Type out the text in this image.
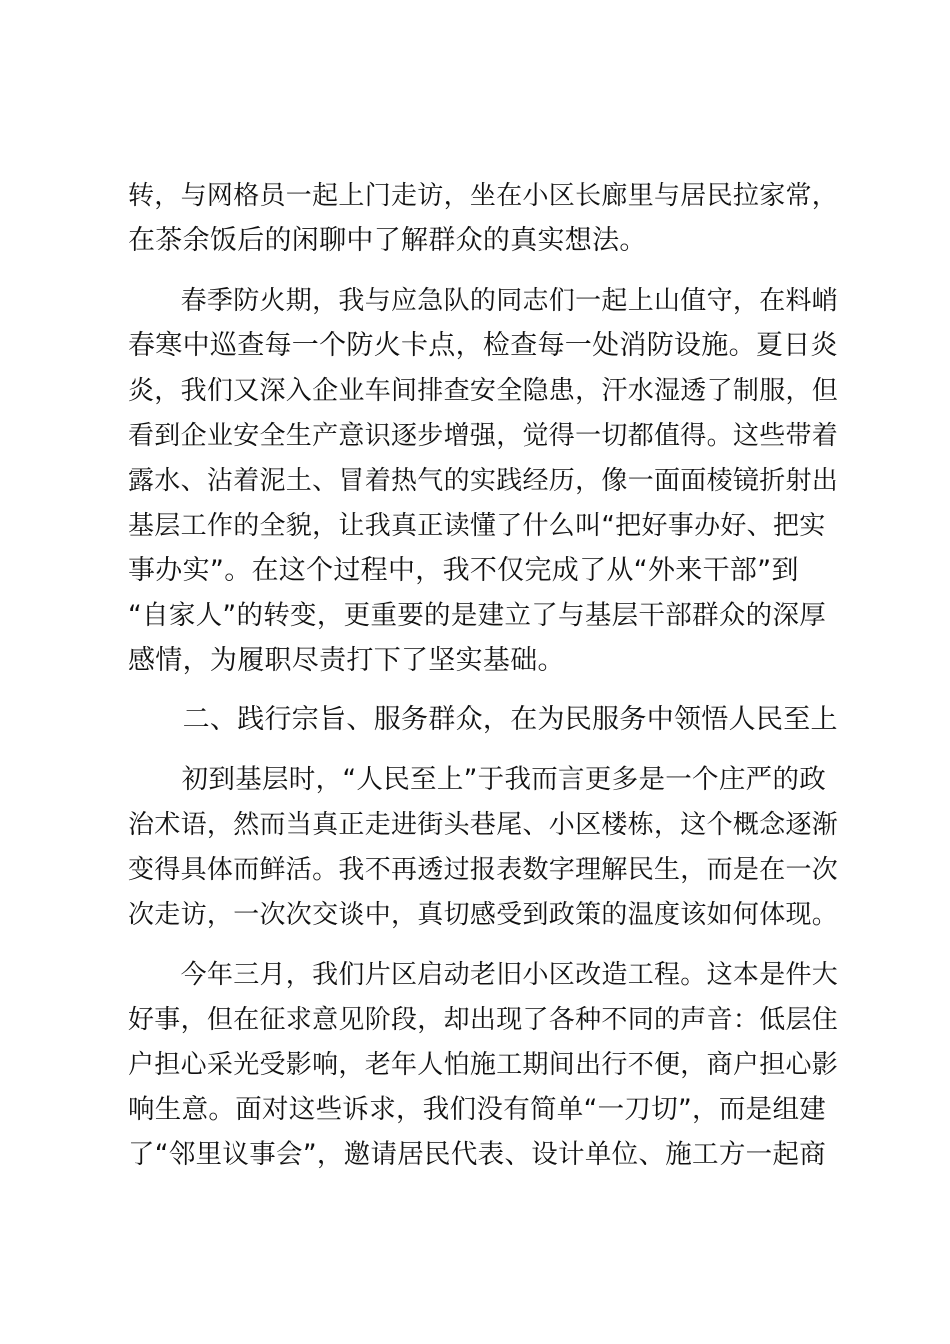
转，与网格员一起上门走访，坐在小区长廊里与居民拉家常，
在茶余饭后的闲聊中了解群众的真实想法。
　　春季防火期，我与应急队的同志们一起上山值守，在料峭
春寒中巡查每一个防火卡点，检查每一处消防设施。夏日炎
炎，我们又深入企业车间排查安全隐患，汗水湿透了制服，但
看到企业安全生产意识逐步增强，觉得一切都值得。这些带着
露水、沾着泥土、冒着热气的实践经历，像一面面棱镜折射出
基层工作的全貌，让我真正读懂了什么叫“把好事办好、把实
事办实”。在这个过程中，我不仅完成了从“外来干部”到
“自家人”的转变，更重要的是建立了与基层干部群众的深厚
感情，为履职尽责打下了坚实基础。
　　二、践行宗旨、服务群众，在为民服务中领悟人民至上
　　初到基层时，“人民至上”于我而言更多是一个庄严的政
治术语，然而当真正走进街头巷尾、小区楼栋，这个概念逐渐
变得具体而鲜活。我不再透过报表数字理解民生，而是在一次
次走访，一次次交谈中，真切感受到政策的温度该如何体现。
　　今年三月，我们片区启动老旧小区改造工程。这本是件大
好事，但在征求意见阶段，却出现了各种不同的声音：低层住
户担心采光受影响，老年人怕施工期间出行不便，商户担心影
响生意。面对这些诉求，我们没有简单“一刀切”，而是组建
了“邻里议事会”，邀请居民代表、设计单位、施工方一起商
